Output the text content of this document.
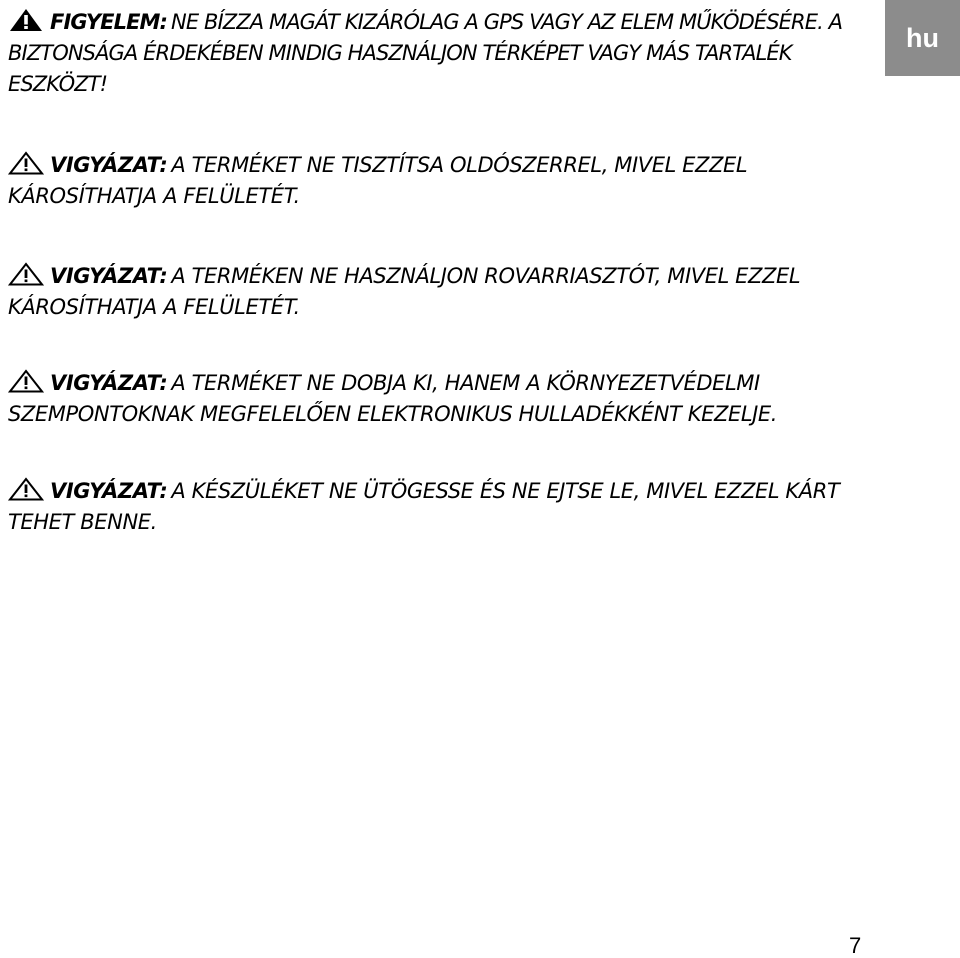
hu
FIGYELEM: NE BÍZZA MAGÁT KIZÁRÓLAG A GPS VAGY AZ ELEM MŰKÖDÉSÉRE. A BIZTONSÁGA ÉRDEKÉBEN MINDIG HASZNÁLJON TÉRKÉPET VAGY MÁS TARTALÉK ESZKÖZT!
VIGYÁZAT: A TERMÉKET NE TISZTÍTSA OLDÓSZERREL, MIVEL EZZEL KÁROSÍTHATJA A FELÜLETÉT.
VIGYÁZAT: A TERMÉKEN NE HASZNÁLJON ROVARRIASZTÓT, MIVEL EZZEL KÁROSÍTHATJA A FELÜLETÉT.
VIGYÁZAT: A TERMÉKET NE DOBJA KI, HANEM A KÖRNYEZETVÉDELMI SZEMPONTOKNAK MEGFELELŐEN ELEKTRONIKUS HULLADÉKKÉNT KEZELJE.
VIGYÁZAT: A KÉSZÜLÉKET NE ÜTÖGESSE ÉS NE EJTSE LE, MIVEL EZZEL KÁRT TEHET BENNE.
7
